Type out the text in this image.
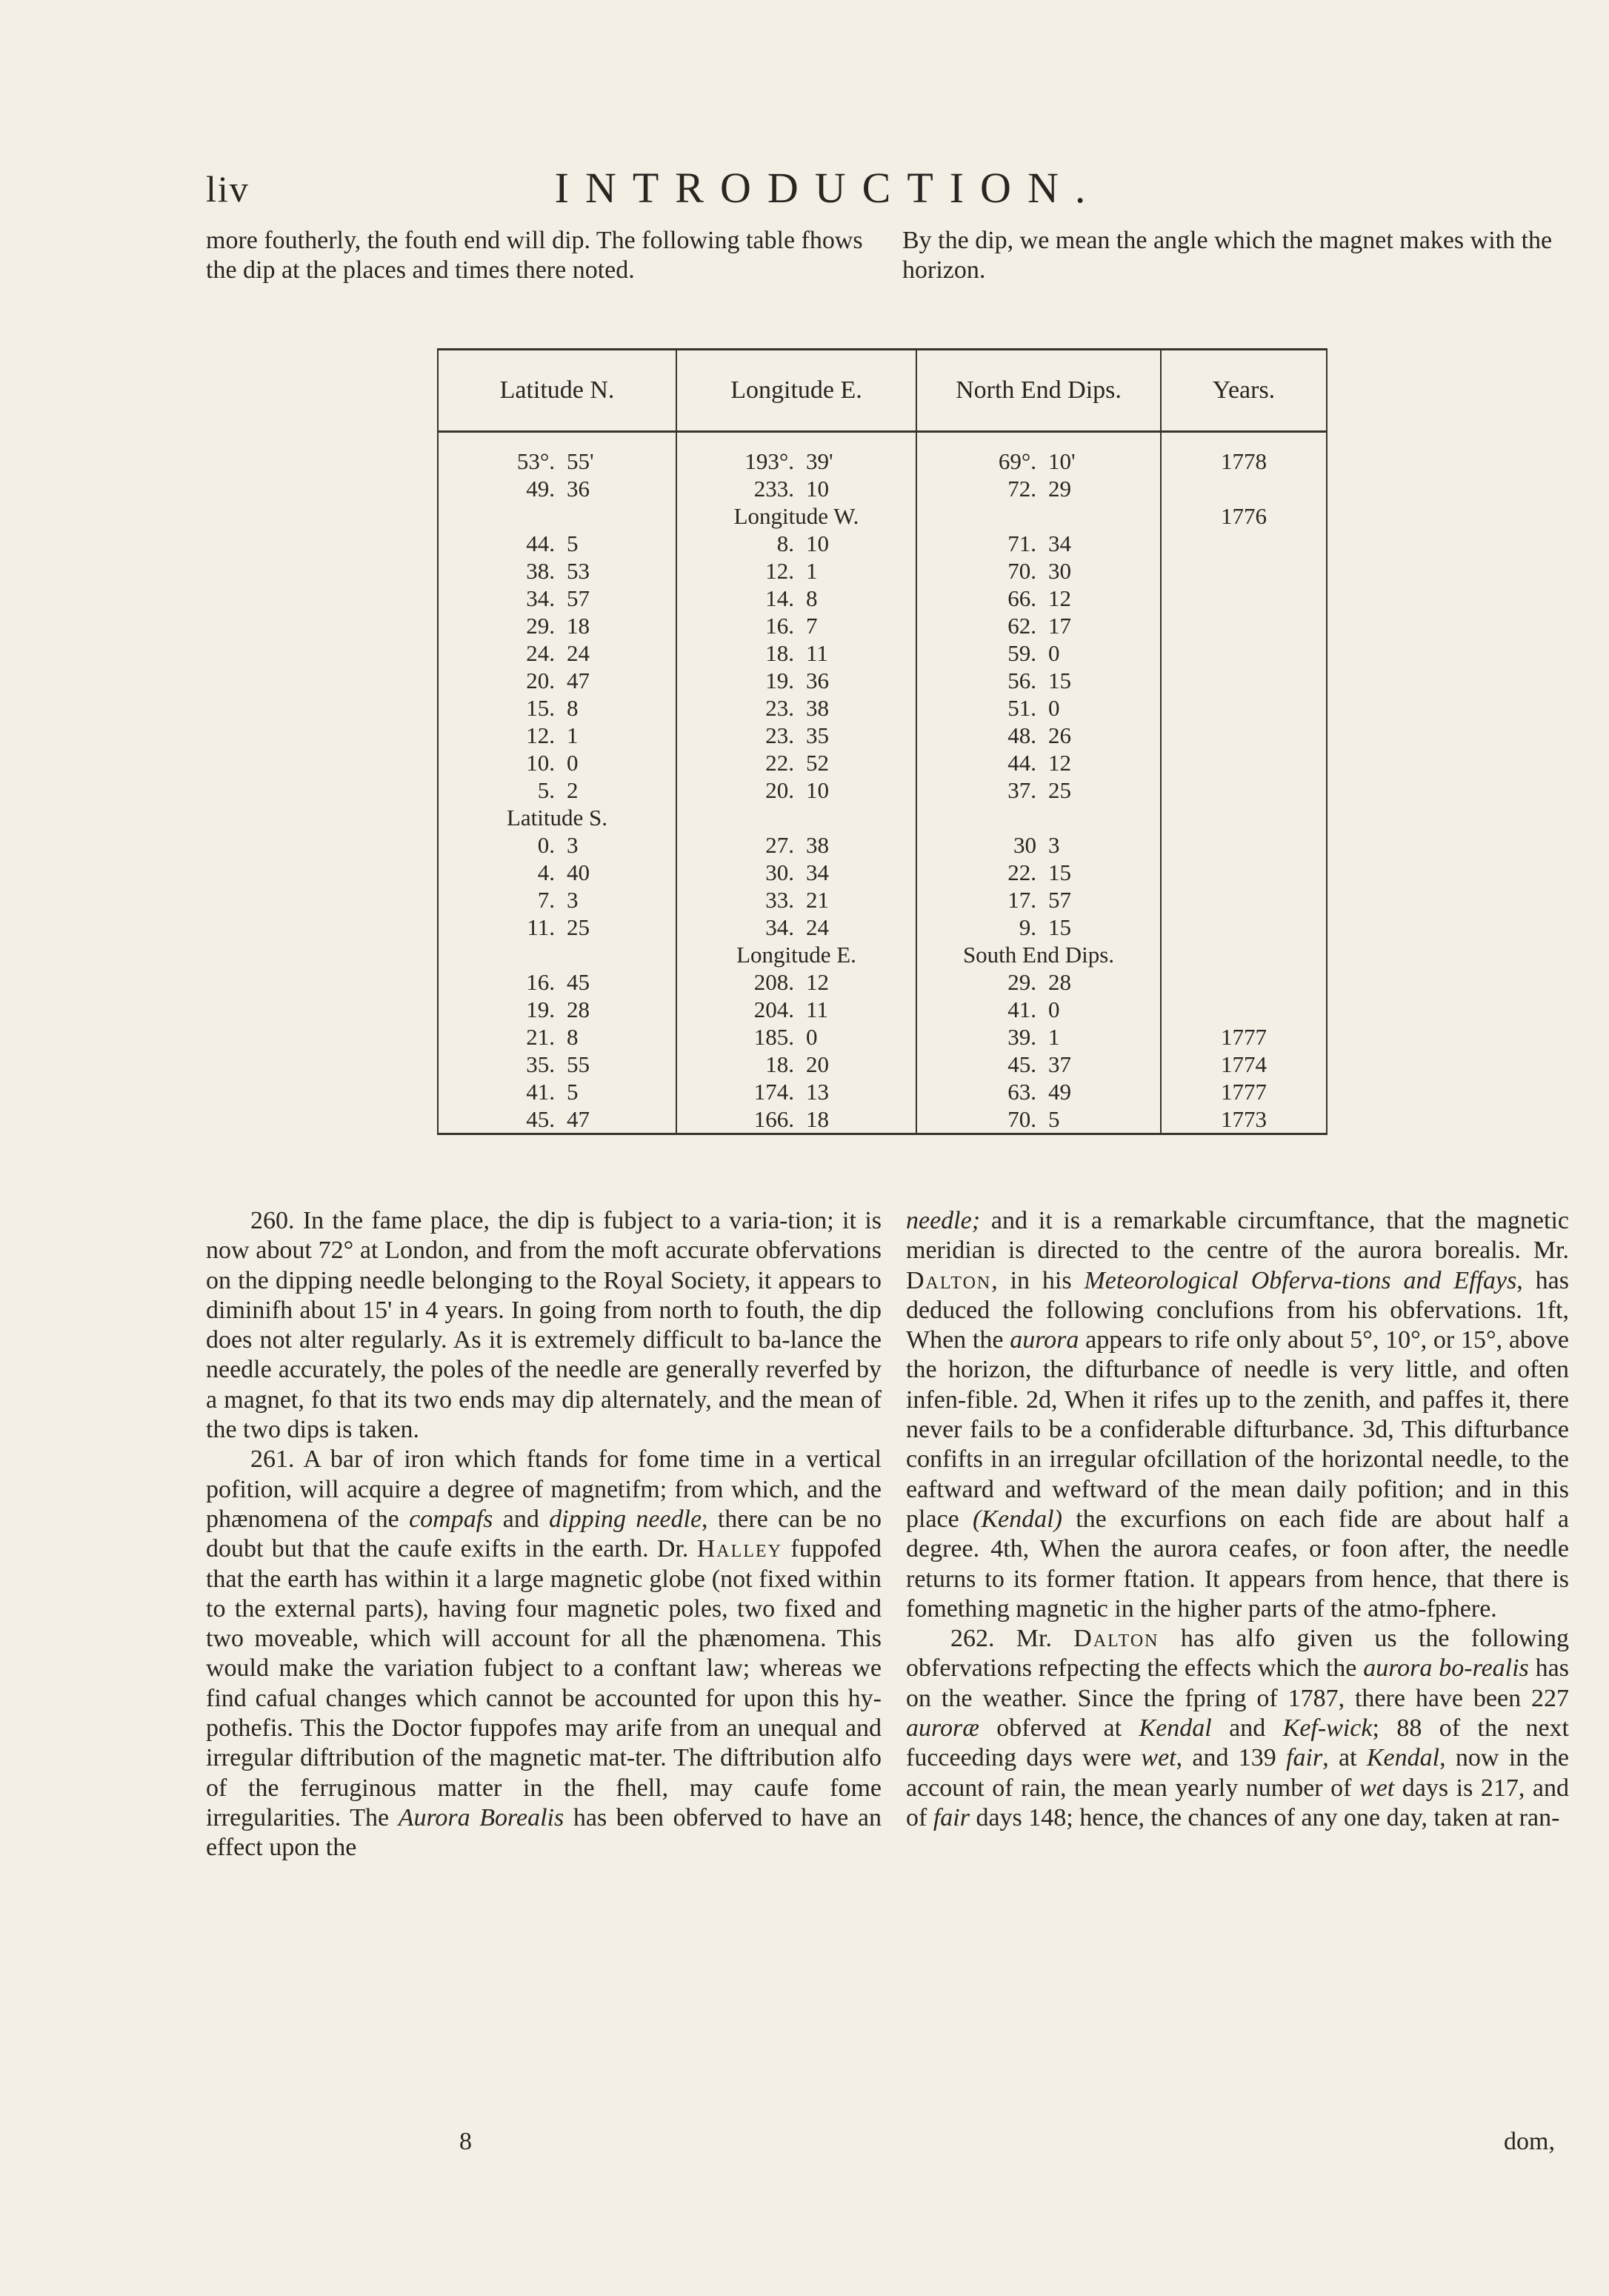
liv	INTRODUCTION.
more foutherly, the fouth end will dip. The following table fhows the dip at the places and times there noted.
By the dip, we mean the angle which the magnet makes with the horizon.
Latitude N.	Longitude E.	North End Dips.	Years.
53°. 55'	193°. 39'	69°. 10'	1778
49. 36	233. 10	72. 29	
	Longitude W.		1776
44. 5	8. 10	71. 34	
38. 53	12. 1	70. 30	
34. 57	14. 8	66. 12	
29. 18	16. 7	62. 17	
24. 24	18. 11	59. 0	
20. 47	19. 36	56. 15	
15. 8	23. 38	51. 0	
12. 1	23. 35	48. 26	
10. 0	22. 52	44. 12	
5. 2	20. 10	37. 25	
Latitude S.			
0. 3	27. 38	30 3	
4. 40	30. 34	22. 15	
7. 3	33. 21	17. 57	
11. 25	34. 24	9. 15	
	Longitude E.	South End Dips.	
16. 45	208. 12	29. 28	
19. 28	204. 11	41. 0	
21. 8	185. 0	39. 1	1777
35. 55	18. 20	45. 37	1774
41. 5	174. 13	63. 49	1777
45. 47	166. 18	70. 5	1773

260. In the fame place, the dip is fubject to a varia-tion; it is now about 72° at London, and from the moft accurate obfervations on the dipping needle belonging to the Royal Society, it appears to diminifh about 15' in 4 years. In going from north to fouth, the dip does not alter regularly. As it is extremely difficult to ba-lance the needle accurately, the poles of the needle are generally reverfed by a magnet, fo that its two ends may dip alternately, and the mean of the two dips is taken.

261. A bar of iron which ftands for fome time in a vertical pofition, will acquire a degree of magnetifm; from which, and the phænomena of the compafs and dipping needle, there can be no doubt but that the caufe exifts in the earth. Dr. Halley fuppofed that the earth has within it a large magnetic globe (not fixed within to the external parts), having four magnetic poles, two fixed and two moveable, which will account for all the phænomena. This would make the variation fubject to a conftant law; whereas we find cafual changes which cannot be accounted for upon this hy-pothefis. This the Doctor fuppofes may arife from an unequal and irregular diftribution of the magnetic mat-ter. The diftribution alfo of the ferruginous matter in the fhell, may caufe fome irregularities. The Aurora Borealis has been obferved to have an effect upon the

needle; and it is a remarkable circumftance, that the magnetic meridian is directed to the centre of the aurora borealis. Mr. Dalton, in his Meteorological Obferva-tions and Effays, has deduced the following conclufions from his obfervations. 1ft, When the aurora appears to rife only about 5°, 10°, or 15°, above the horizon, the difturbance of needle is very little, and often infen-fible. 2d, When it rifes up to the zenith, and paffes it, there never fails to be a confiderable difturbance. 3d, This difturbance confifts in an irregular ofcillation of the horizontal needle, to the eaftward and weftward of the mean daily pofition; and in this place (Kendal) the excurfions on each fide are about half a degree. 4th, When the aurora ceafes, or foon after, the needle returns to its former ftation. It appears from hence, that there is fomething magnetic in the higher parts of the atmo-fphere.

262. Mr. Dalton has alfo given us the following obfervations refpecting the effects which the aurora bo-realis has on the weather. Since the fpring of 1787, there have been 227 auroræ obferved at Kendal and Kef-wick; 88 of the next fucceeding days were wet, and 139 fair, at Kendal, now in the account of rain, the mean yearly number of wet days is 217, and of fair days 148; hence, the chances of any one day, taken at ran-

8	dom,
